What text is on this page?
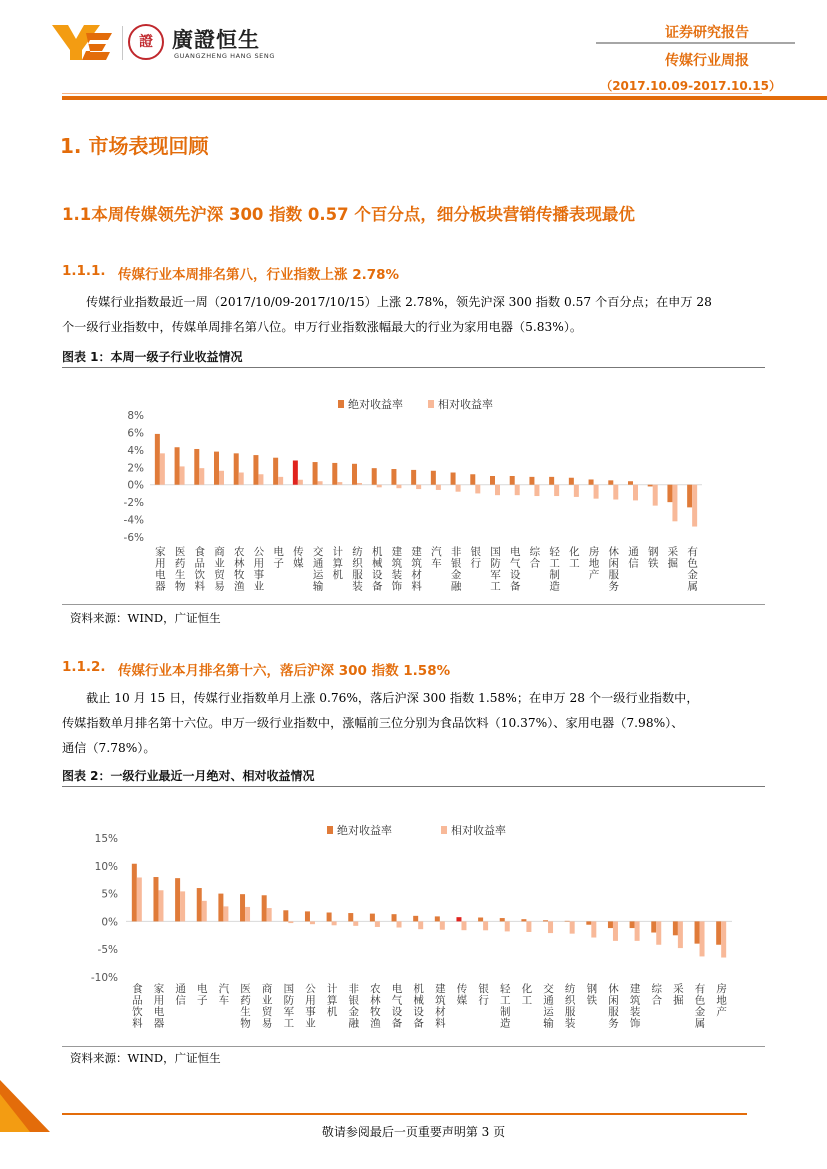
證 廣證恒生
GUANGZHENG HANG SENG
证券研究报告
传媒行业周报
（2017.10.09-2017.10.15）
1. 市场表现回顾
1.1本周传媒领先沪深 300 指数 0.57 个百分点，细分板块营销传播表现最优
1.1.1. 传媒行业本周排名第八，行业指数上涨 2.78%
传媒行业指数最近一周（2017/10/09-2017/10/15）上涨 2.78%，领先沪深 300 指数 0.57 个百分点；在申万 28
个一级行业指数中，传媒单周排名第八位。申万行业指数涨幅最大的行业为家用电器（5.83%）。
图表 1：本周一级子行业收益情况
绝对收益率	相对收益率
8%
6%
4%
2%
0%
-2%
-4%
-6%
家用电器 医药生物 食品饮料 商业贸易 农林牧渔 公用事业 电子 传媒 交通运输 计算机 纺织服装 机械设备 建筑装饰 建筑材料 汽车 非银金融 银行 国防军工 电气设备 综合 轻工制造 化工 房地产 休闲服务 通信 钢铁 采掘 有色金属
资料来源：WIND，广证恒生
1.1.2. 传媒行业本月排名第十六，落后沪深 300 指数 1.58%
截止 10 月 15 日，传媒行业指数单月上涨 0.76%，落后沪深 300 指数 1.58%；在申万 28 个一级行业指数中，
传媒指数单月排名第十六位。申万一级行业指数中，涨幅前三位分别为食品饮料（10.37%）、家用电器（7.98%）、
通信（7.78%）。
图表 2：一级行业最近一月绝对、相对收益情况
绝对收益率	相对收益率
15%
10%
5%
0%
-5%
-10%
食品饮料 家用电器 通信 电子 汽车 医药生物 商业贸易 国防军工 公用事业 计算机 非银金融 农林牧渔 电气设备 机械设备 建筑材料 传媒 银行 轻工制造 化工 交通运输 纺织服装 钢铁 休闲服务 建筑装饰 综合 采掘 有色金属 房地产
资料来源：WIND，广证恒生
敬请参阅最后一页重要声明第 3 页
